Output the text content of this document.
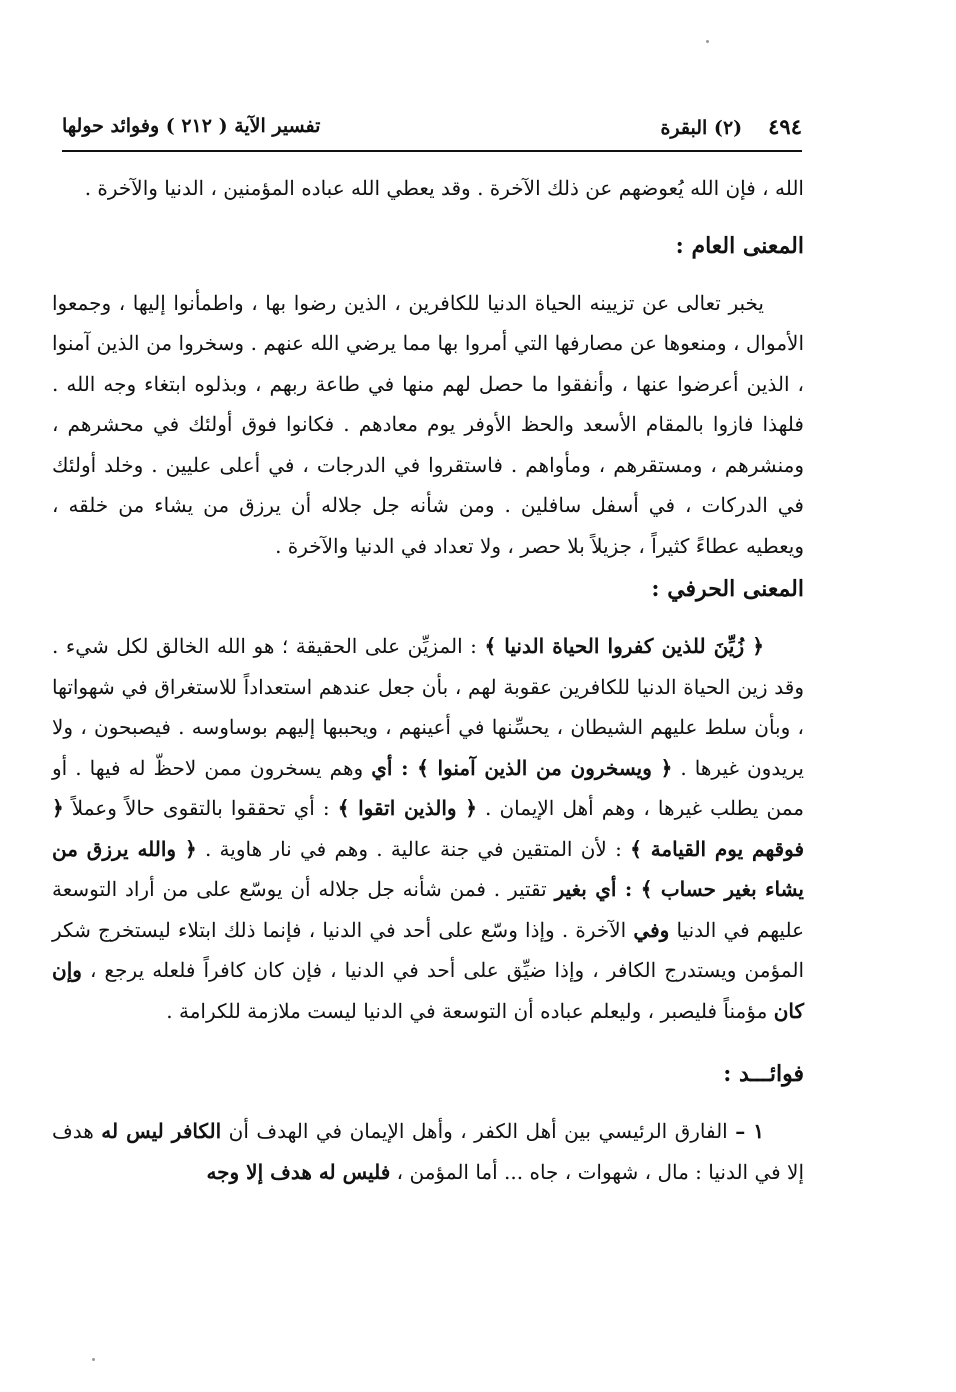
٤٩٤
(٢) البقرة
تفسير الآية ( ٢١٢ ) وفوائد حولها

الله ، فإن الله يُعوضهم عن ذلك الآخرة . وقد يعطي الله عباده المؤمنين ، الدنيا والآخرة .

المعنى العام :

يخبر تعالى عن تزيينه الحياة الدنيا للكافرين ، الذين رضوا بها ، واطمأنوا إليها ، وجمعوا الأموال ، ومنعوها عن مصارفها التي أمروا بها مما يرضي الله عنهم . وسخروا من الذين آمنوا ، الذين أعرضوا عنها ، وأنفقوا ما حصل لهم منها في طاعة ربهم ، وبذلوه ابتغاء وجه الله . فلهذا فازوا بالمقام الأسعد والحظ الأوفر يوم معادهم . فكانوا فوق أولئك في محشرهم ، ومنشرهم ، ومستقرهم ، ومأواهم . فاستقروا في الدرجات ، في أعلى عليين . وخلد أولئك في الدركات ، في أسفل سافلين . ومن شأنه جل جلاله أن يرزق من يشاء من خلقه ، ويعطيه عطاءً كثيراً ، جزيلاً بلا حصر ، ولا تعداد في الدنيا والآخرة .

المعنى الحرفي :

﴿ زُيِّنَ للذين كفروا الحياة الدنيا ﴾ : المزيِّن على الحقيقة ؛ هو الله الخالق لكل شيء . وقد زين الحياة الدنيا للكافرين عقوبة لهم ، بأن جعل عندهم استعداداً للاستغراق في شهواتها ، وبأن سلط عليهم الشيطان ، يحسِّنها في أعينهم ، ويحببها إليهم بوساوسه . فيصبحون ، ولا يريدون غيرها . ﴿ ويسخرون من الذين آمنوا ﴾ : أي وهم يسخرون ممن لاحظّ له فيها . أو ممن يطلب غيرها ، وهم أهل الإيمان . ﴿ والذين اتقوا ﴾ : أي تحققوا بالتقوى حالاً وعملاً ﴿ فوقهم يوم القيامة ﴾ : لأن المتقين في جنة عالية . وهم في نار هاوية . ﴿ والله يرزق من يشاء بغير حساب ﴾ : أي بغير تقتير . فمن شأنه جل جلاله أن يوسّع على من أراد التوسعة عليهم في الدنيا وفي الآخرة . وإذا وسّع على أحد في الدنيا ، فإنما ذلك ابتلاء ليستخرج شكر المؤمن ويستدرج الكافر ، وإذا ضيِّق على أحد في الدنيا ، فإن كان كافراً فلعله يرجع ، وإن كان مؤمناً فليصبر ، وليعلم عباده أن التوسعة في الدنيا ليست ملازمة للكرامة .

فوائـــد :

١ – الفارق الرئيسي بين أهل الكفر ، وأهل الإيمان في الهدف أن الكافر ليس له هدف إلا في الدنيا : مال ، شهوات ، جاه ... أما المؤمن ، فليس له هدف إلا وجه
